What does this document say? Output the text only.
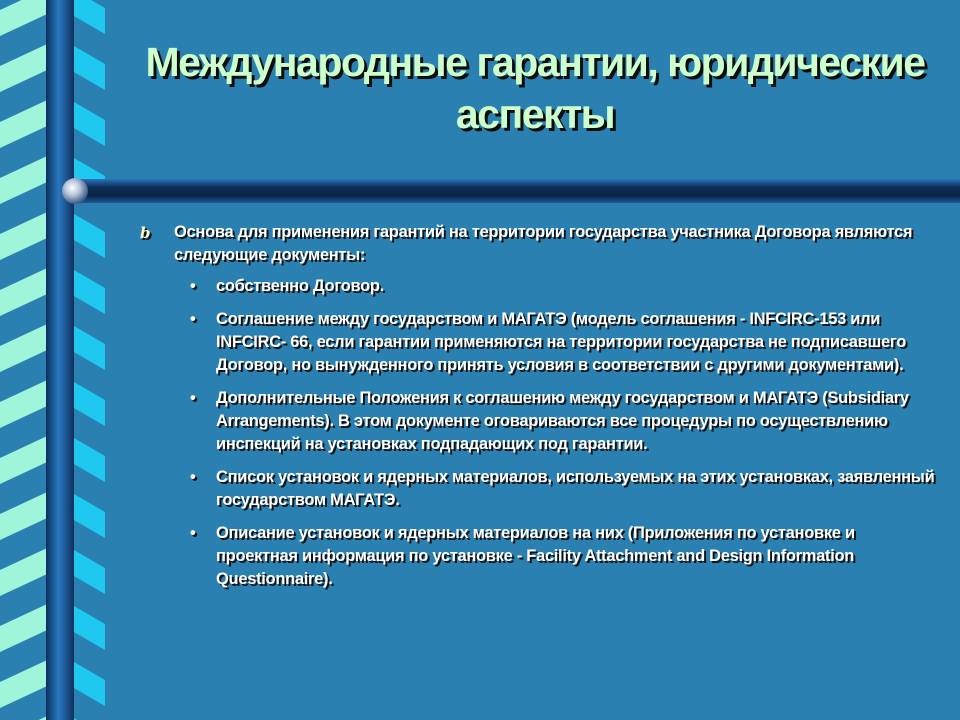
Международные гарантии, юридические аспекты
b Основа для применения гарантий на территории государства участника Договора являются следующие документы:
• собственно Договор.
• Соглашение между государством и МАГАТЭ (модель соглашения - INFCIRC-153 или INFCIRC- 66, если гарантии применяются на территории государства не подписавшего Договор, но вынужденного принять условия в соответствии с другими документами).
• Дополнительные Положения к соглашению между государством и МАГАТЭ (Subsidiary Arrangements). В этом документе оговариваются все процедуры по осуществлению инспекций на установках подпадающих под гарантии.
• Список установок и ядерных материалов, используемых на этих установках, заявленный государством МАГАТЭ.
• Описание установок и ядерных материалов на них (Приложения по установке и проектная информация по установке - Facility Attachment and Design Information Questionnaire).
